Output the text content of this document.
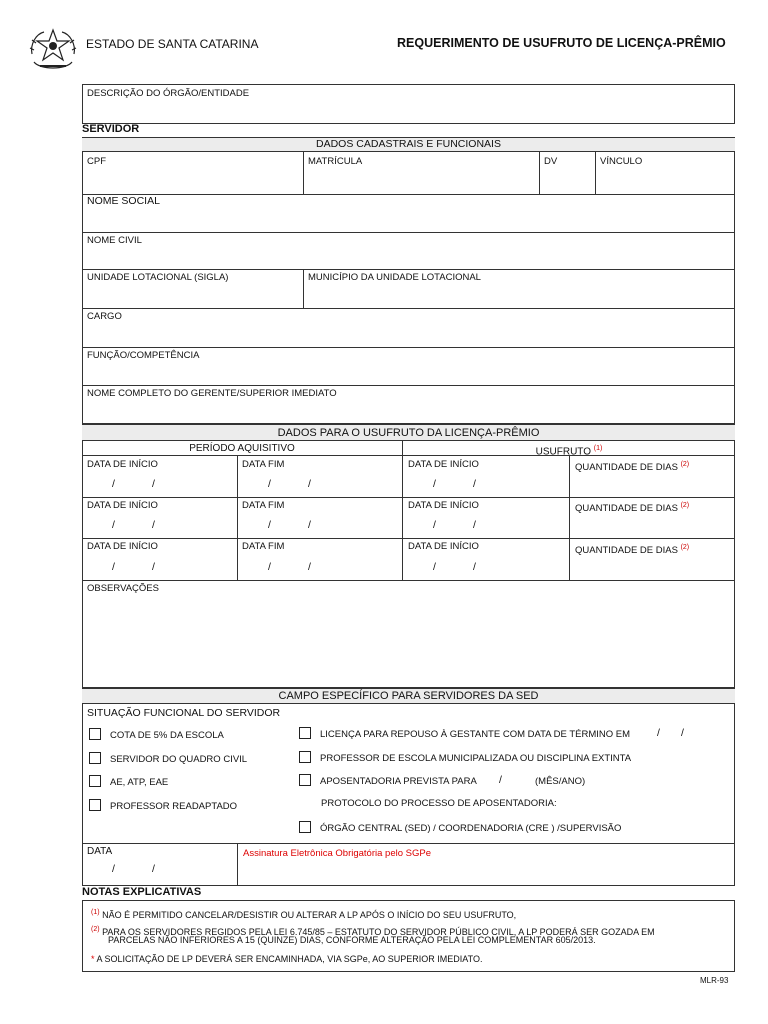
ESTADO DE SANTA CATARINA	REQUERIMENTO DE USUFRUTO DE LICENÇA-PRÊMIO
DESCRIÇÃO DO ÓRGÃO/ENTIDADE
SERVIDOR
DADOS CADASTRAIS E FUNCIONAIS
CPF	MATRÍCULA	DV	VÍNCULO
NOME SOCIAL
NOME CIVIL
UNIDADE LOTACIONAL (SIGLA)	MUNICÍPIO DA UNIDADE LOTACIONAL
CARGO
FUNÇÃO/COMPETÊNCIA
NOME COMPLETO DO GERENTE/SUPERIOR IMEDIATO
DADOS PARA O USUFRUTO DA LICENÇA-PRÊMIO
PERÍODO AQUISITIVO	USUFRUTO $^{(1)}$
DATA DE INÍCIO	DATA FIM	DATA DE INÍCIO	QUANTIDADE DE DIAS $^{(2)}$
/	/	/	/	/	/
DATA DE INÍCIO	DATA FIM	DATA DE INÍCIO	QUANTIDADE DE DIAS $^{(2)}$
/	/	/	/	/	/
DATA DE INÍCIO	DATA FIM	DATA DE INÍCIO	QUANTIDADE DE DIAS $^{(2)}$
/	/	/	/	/	/
OBSERVAÇÕES
CAMPO ESPECÍFICO PARA SERVIDORES DA SED
SITUAÇÃO FUNCIONAL DO SERVIDOR
COTA DE 5% DA ESCOLA
SERVIDOR DO QUADRO CIVIL
AE, ATP, EAE
PROFESSOR READAPTADO
LICENÇA PARA REPOUSO À GESTANTE COM DATA DE TÉRMINO EM	/ /
PROFESSOR DE ESCOLA MUNICIPALIZADA OU DISCIPLINA EXTINTA
APOSENTADORIA PREVISTA PARA /	(MÊS/ANO)
PROTOCOLO DO PROCESSO DE APOSENTADORIA:
ÓRGÃO CENTRAL (SED) / COORDENADORIA (CRE ) /SUPERVISÃO
DATA
/	/
Assinatura Eletrônica Obrigatória pelo SGPe
NOTAS EXPLICATIVAS
$^{(1)}$ NÃO É PERMITIDO CANCELAR/DESISTIR OU ALTERAR A LP APÓS O INÍCIO DO SEU USUFRUTO,
$^{(2)}$ PARA OS SERVIDORES REGIDOS PELA LEI 6.745/85 – ESTATUTO DO SERVIDOR PÚBLICO CIVIL, A LP PODERÁ SER GOZADA EM
PARCELAS NÃO INFERIORES A 15 (QUINZE) DIAS, CONFORME ALTERAÇÃO PELA LEI COMPLEMENTAR 605/2013.
* A SOLICITAÇÃO DE LP DEVERÁ SER ENCAMINHADA, VIA SGPe, AO SUPERIOR IMEDIATO.
MLR-93
